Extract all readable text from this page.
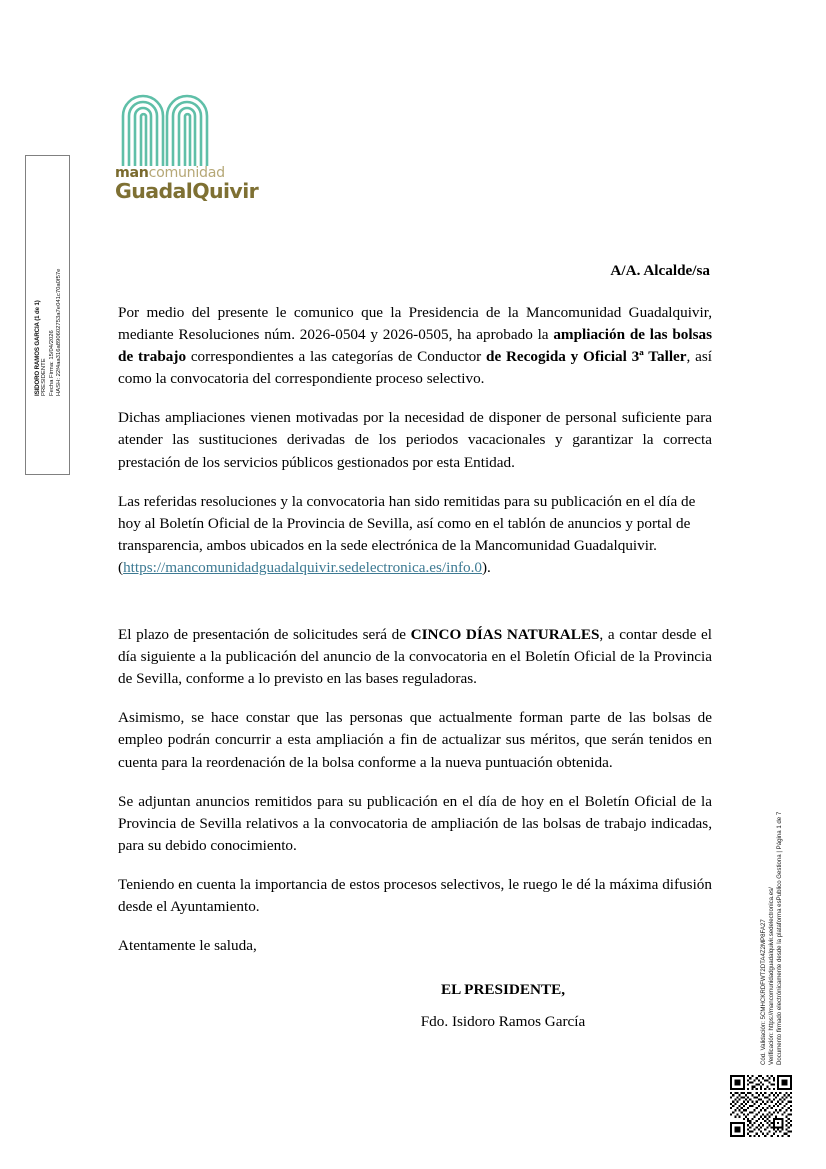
ISIDORO RAMOS GARCIA (1 de 1) PRESIDENTE Fecha Firma: 15/04/2026 HASH: 22f4aa316a890602753a7e041c70a0f57e
Cód. Validación: 5CMHCKRDFWT2DTA4Z2MP8FA27 Verificación: https://mancomunidadguadalquivir.sedelectronica.es/ Documento firmado electrónicamente desde la plataforma esPublico Gestiona | Página 1 de 7
mancomunidad
GuadalQuivir
A/A. Alcalde/sa

Por medio del presente le comunico que la Presidencia de la Mancomunidad Guadalquivir, mediante Resoluciones núm. 2026-0504 y 2026-0505, ha aprobado la ampliación de las bolsas de trabajo correspondientes a las categorías de Conductor de Recogida y Oficial 3ª Taller, así como la convocatoria del correspondiente proceso selectivo.

Dichas ampliaciones vienen motivadas por la necesidad de disponer de personal suficiente para atender las sustituciones derivadas de los periodos vacacionales y garantizar la correcta prestación de los servicios públicos gestionados por esta Entidad.

Las referidas resoluciones y la convocatoria han sido remitidas para su publicación en el día de hoy al Boletín Oficial de la Provincia de Sevilla, así como en el tablón de anuncios y portal de transparencia, ambos ubicados en la sede electrónica de la Mancomunidad Guadalquivir.
(https://mancomunidadguadalquivir.sedelectronica.es/info.0).

El plazo de presentación de solicitudes será de CINCO DÍAS NATURALES, a contar desde el día siguiente a la publicación del anuncio de la convocatoria en el Boletín Oficial de la Provincia de Sevilla, conforme a lo previsto en las bases reguladoras.

Asimismo, se hace constar que las personas que actualmente forman parte de las bolsas de empleo podrán concurrir a esta ampliación a fin de actualizar sus méritos, que serán tenidos en cuenta para la reordenación de la bolsa conforme a la nueva puntuación obtenida.

Se adjuntan anuncios remitidos para su publicación en el día de hoy en el Boletín Oficial de la Provincia de Sevilla relativos a la convocatoria de ampliación de las bolsas de trabajo indicadas, para su debido conocimiento.

Teniendo en cuenta la importancia de estos procesos selectivos, le ruego le dé la máxima difusión desde el Ayuntamiento.

Atentamente le saluda,

EL PRESIDENTE,
Fdo. Isidoro Ramos García
